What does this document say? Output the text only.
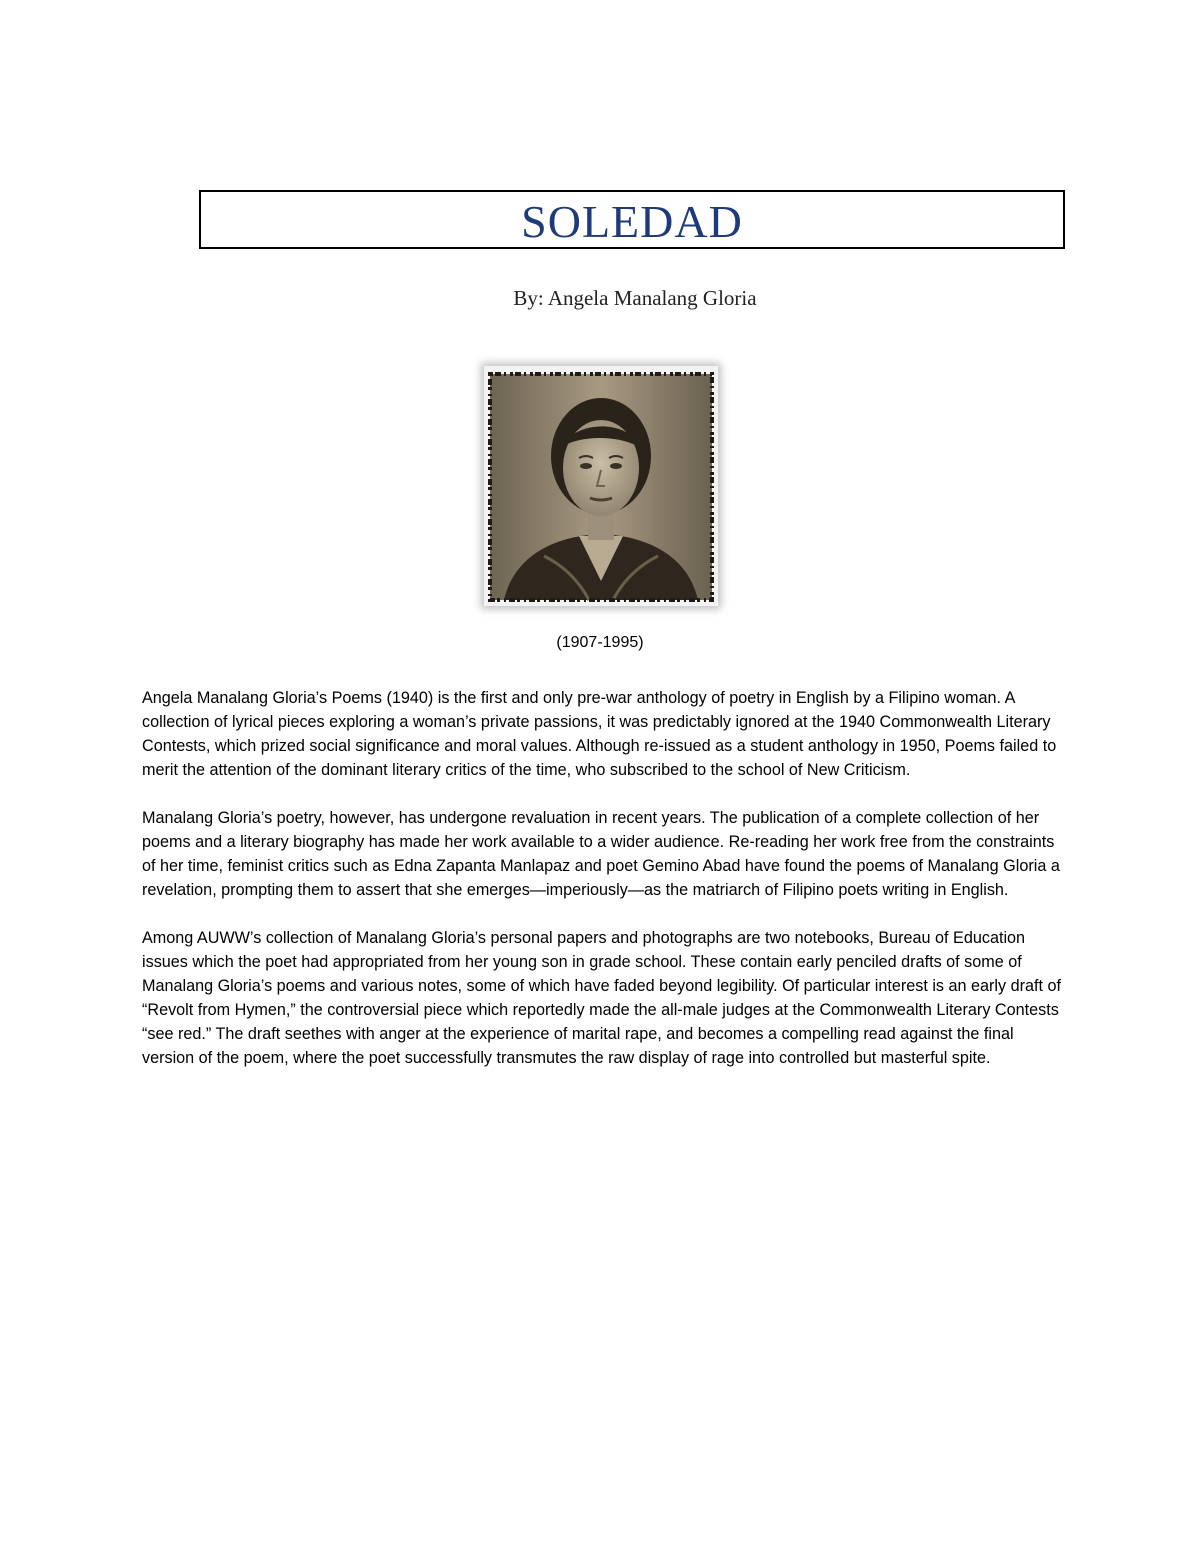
SOLEDAD
By: Angela Manalang Gloria
(1907-1995)

Angela Manalang Gloria’s Poems (1940) is the first and only pre-war anthology of poetry in English by a Filipino woman. A collection of lyrical pieces exploring a woman’s private passions, it was predictably ignored at the 1940 Commonwealth Literary Contests, which prized social significance and moral values. Although re-issued as a student anthology in 1950, Poems failed to merit the attention of the dominant literary critics of the time, who subscribed to the school of New Criticism.

Manalang Gloria’s poetry, however, has undergone revaluation in recent years. The publication of a complete collection of her poems and a literary biography has made her work available to a wider audience. Re-reading her work free from the constraints of her time, feminist critics such as Edna Zapanta Manlapaz and poet Gemino Abad have found the poems of Manalang Gloria a revelation, prompting them to assert that she emerges—imperiously—as the matriarch of Filipino poets writing in English.

Among AUWW’s collection of Manalang Gloria’s personal papers and photographs are two notebooks, Bureau of Education issues which the poet had appropriated from her young son in grade school. These contain early penciled drafts of some of Manalang Gloria’s poems and various notes, some of which have faded beyond legibility. Of particular interest is an early draft of “Revolt from Hymen,” the controversial piece which reportedly made the all-male judges at the Commonwealth Literary Contests “see red.” The draft seethes with anger at the experience of marital rape, and becomes a compelling read against the final version of the poem, where the poet successfully transmutes the raw display of rage into controlled but masterful spite.
